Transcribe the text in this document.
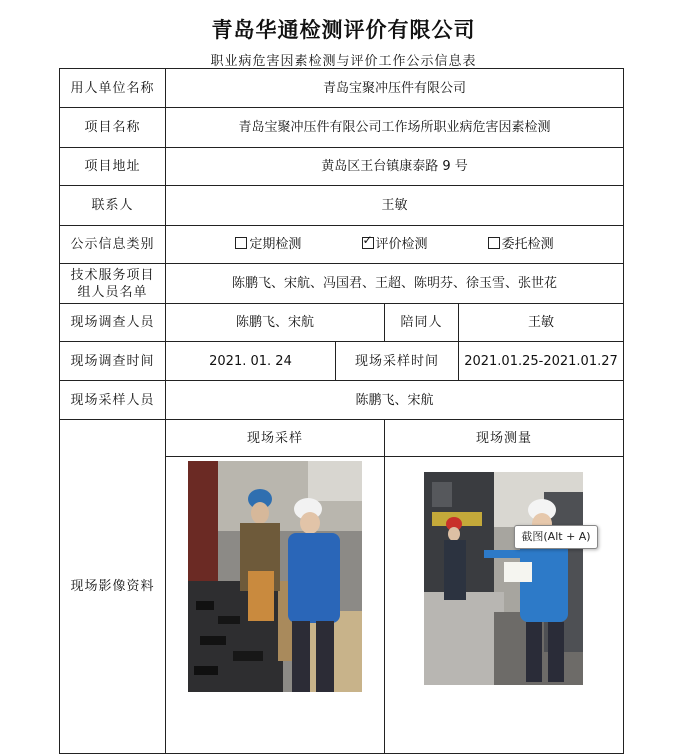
青岛华通检测评价有限公司
职业病危害因素检测与评价工作公示信息表
用人单位名称	青岛宝聚冲压件有限公司			
项目名称	青岛宝聚冲压件有限公司工作场所职业病危害因素检测			
项目地址	黄岛区王台镇康泰路 9 号			
联系人	王敏			
公示信息类别	定期检测 ✓ 评价检测 委托检测
技术服务项目
组人员名单	陈鹏飞、宋航、冯国君、王超、陈明芬、徐玉雪、张世花			
现场调查人员	陈鹏飞、宋航		陪同人	王敏
现场调查时间	2021. 01. 24	现场采样时间		2021.01.25-2021.01.27
现场采样人员	陈鹏飞、宋航			
现场影像资料	现场采样		现场测量	

截图(Alt + A)
